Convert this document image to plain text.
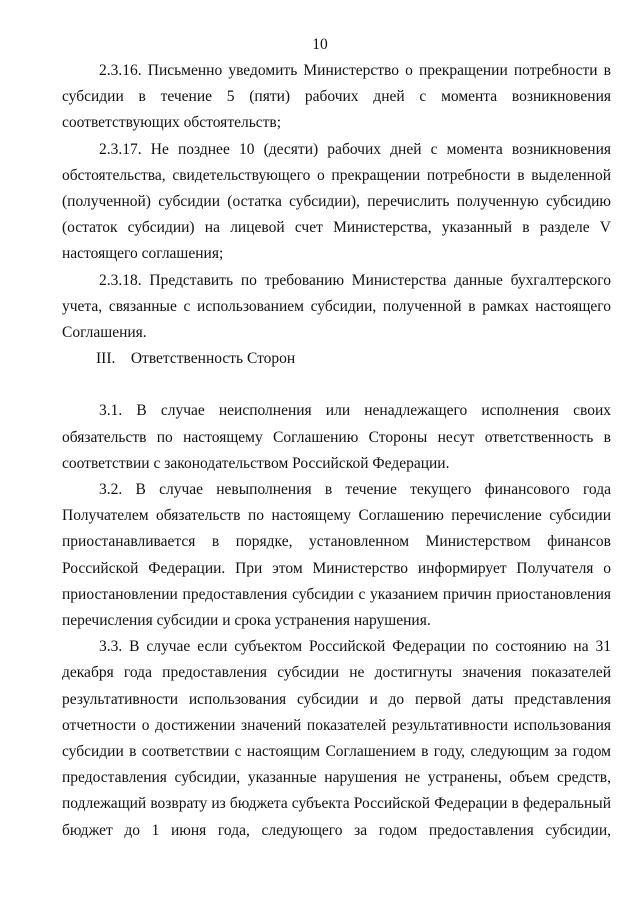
10

2.3.16. Письменно уведомить Министерство о прекращении потребности в субсидии в течение 5 (пяти) рабочих дней с момента возникновения соответствующих обстоятельств;

2.3.17. Не позднее 10 (десяти) рабочих дней с момента возникновения обстоятельства, свидетельствующего о прекращении потребности в выделенной (полученной) субсидии (остатка субсидии), перечислить полученную субсидию (остаток субсидии) на лицевой счет Министерства, указанный в разделе V настоящего соглашения;

2.3.18. Представить по требованию Министерства данные бухгалтерского учета, связанные с использованием субсидии, полученной в рамках настоящего Соглашения.

III.    Ответственность Сторон

3.1. В случае неисполнения или ненадлежащего исполнения своих обязательств по настоящему Соглашению Стороны несут ответственность в соответствии с законодательством Российской Федерации.

3.2. В случае невыполнения в течение текущего финансового года Получателем обязательств по настоящему Соглашению перечисление субсидии приостанавливается в порядке, установленном Министерством финансов Российской Федерации. При этом Министерство информирует Получателя о приостановлении предоставления субсидии с указанием причин приостановления перечисления субсидии и срока устранения нарушения.

3.3. В случае если субъектом Российской Федерации по состоянию на 31 декабря года предоставления субсидии не достигнуты значения показателей результативности использования субсидии и до первой даты представления отчетности о достижении значений показателей результативности использования субсидии в соответствии с настоящим Соглашением в году, следующим за годом предоставления субсидии, указанные нарушения не устранены, объем средств, подлежащий возврату из бюджета субъекта Российской Федерации в федеральный бюджет до 1 июня года, следующего за годом предоставления субсидии,
